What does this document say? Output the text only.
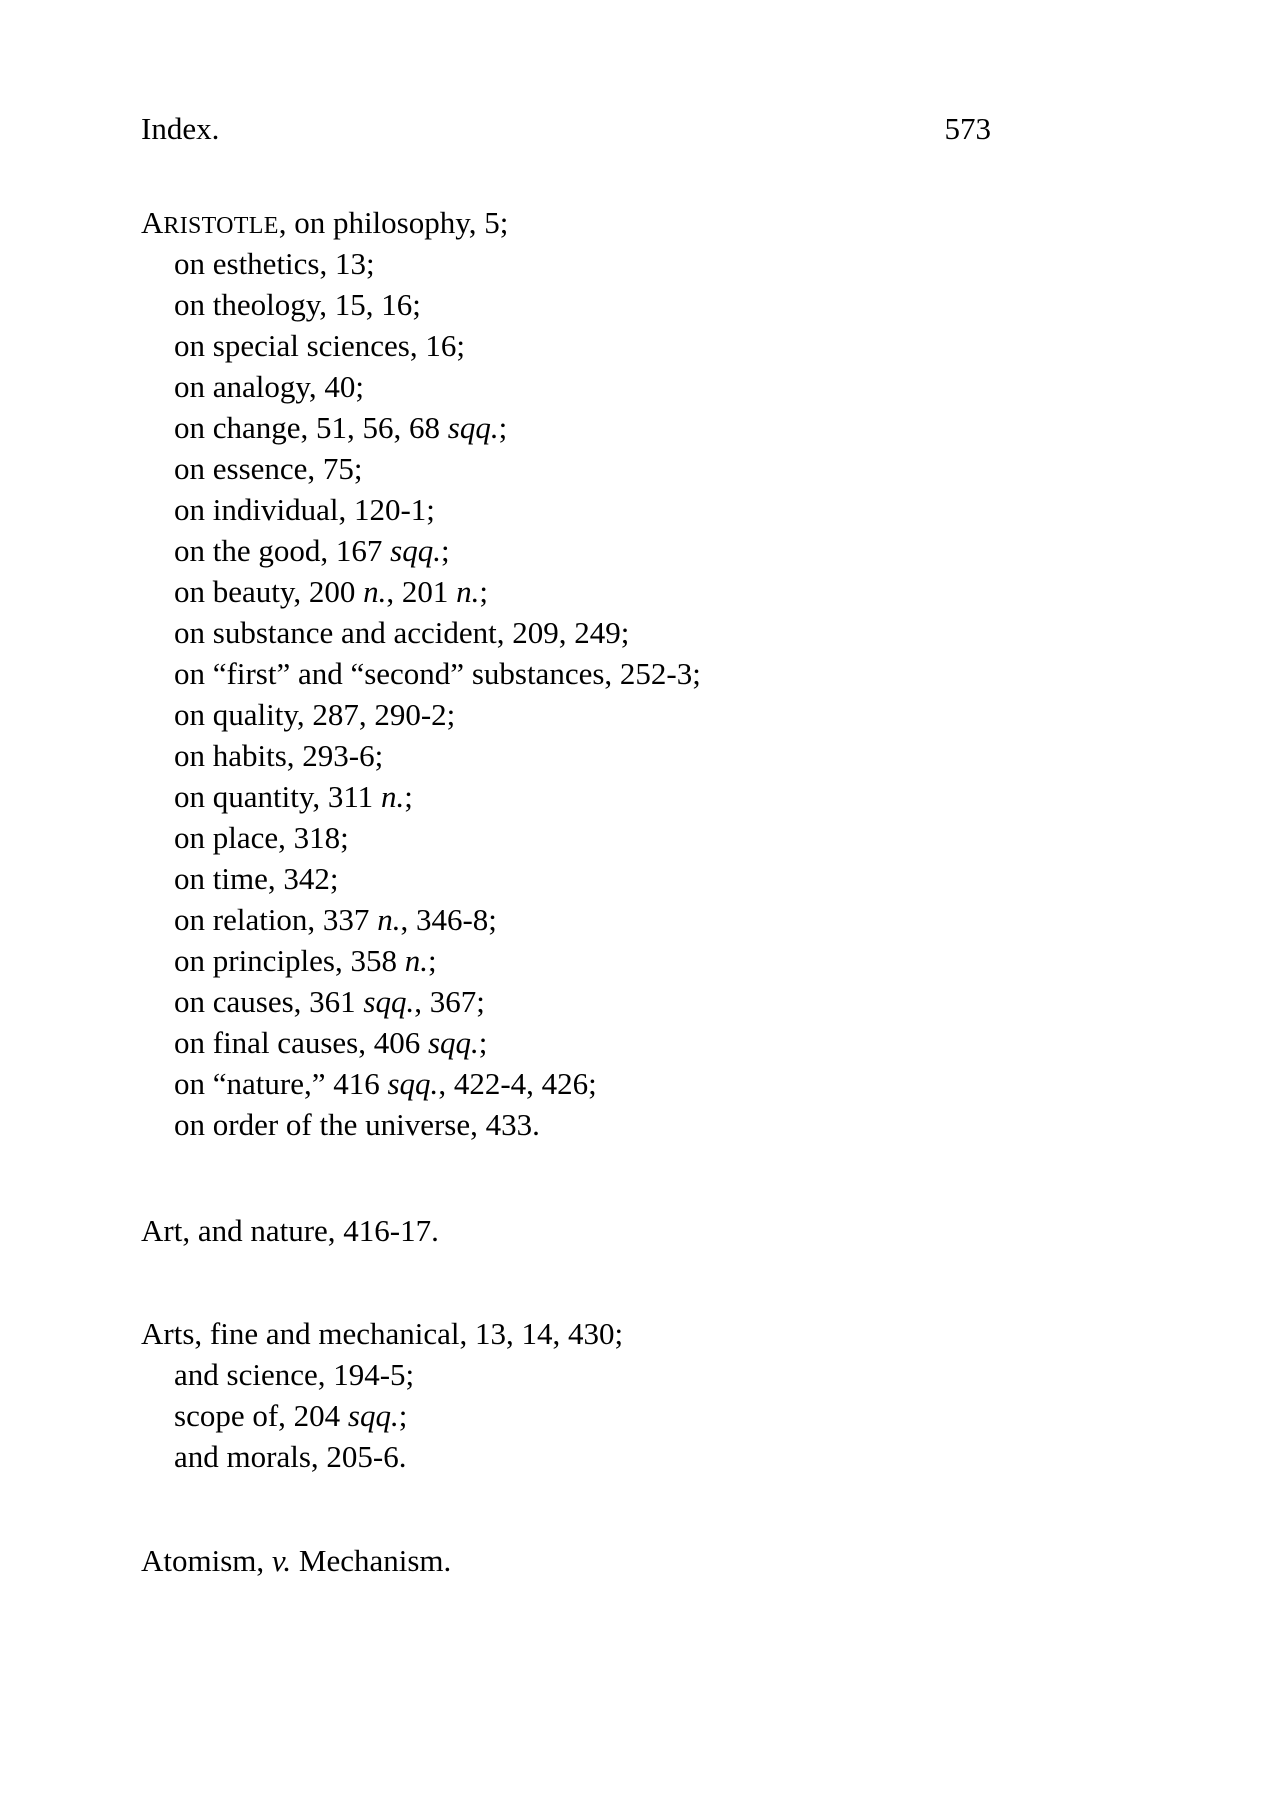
Index.	573
ARISTOTLE, on philosophy, 5;
on esthetics, 13;
on theology, 15, 16;
on special sciences, 16;
on analogy, 40;
on change, 51, 56, 68 sqq.;
on essence, 75;
on individual, 120-1;
on the good, 167 sqq.;
on beauty, 200 n., 201 n.;
on substance and accident, 209, 249;
on “first” and “second” substances, 252-3;
on quality, 287, 290-2;
on habits, 293-6;
on quantity, 311 n.;
on place, 318;
on time, 342;
on relation, 337 n., 346-8;
on principles, 358 n.;
on causes, 361 sqq., 367;
on final causes, 406 sqq.;
on “nature,” 416 sqq., 422-4, 426;
on order of the universe, 433.
Art, and nature, 416-17.
Arts, fine and mechanical, 13, 14, 430;
and science, 194-5;
scope of, 204 sqq.;
and morals, 205-6.
Atomism, v. Mechanism.
